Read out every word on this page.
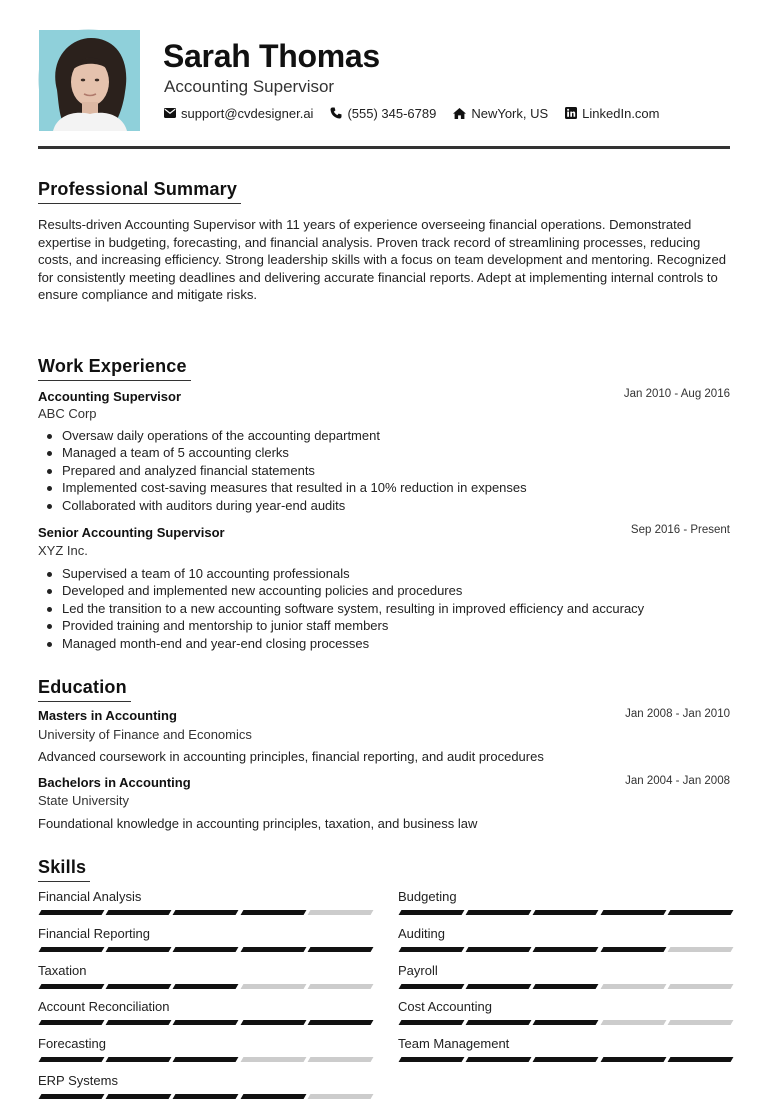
Sarah Thomas
Accounting Supervisor
support@cvdesigner.ai	(555) 345-6789	NewYork, US	LinkedIn.com
Professional Summary
Results-driven Accounting Supervisor with 11 years of experience overseeing financial operations. Demonstrated expertise in budgeting, forecasting, and financial analysis. Proven track record of streamlining processes, reducing costs, and increasing efficiency. Strong leadership skills with a focus on team development and mentoring. Recognized for consistently meeting deadlines and delivering accurate financial reports. Adept at implementing internal controls to ensure compliance and mitigate risks.
Work Experience
Accounting Supervisor	Jan 2010 - Aug 2016
ABC Corp
Oversaw daily operations of the accounting department
Managed a team of 5 accounting clerks
Prepared and analyzed financial statements
Implemented cost-saving measures that resulted in a 10% reduction in expenses
Collaborated with auditors during year-end audits
Senior Accounting Supervisor	Sep 2016 - Present
XYZ Inc.
Supervised a team of 10 accounting professionals
Developed and implemented new accounting policies and procedures
Led the transition to a new accounting software system, resulting in improved efficiency and accuracy
Provided training and mentorship to junior staff members
Managed month-end and year-end closing processes
Education
Masters in Accounting	Jan 2008 - Jan 2010
University of Finance and Economics
Advanced coursework in accounting principles, financial reporting, and audit procedures
Bachelors in Accounting	Jan 2004 - Jan 2008
State University
Foundational knowledge in accounting principles, taxation, and business law
Skills
Financial Analysis	Budgeting
Financial Reporting	Auditing
Taxation	Payroll
Account Reconciliation	Cost Accounting
Forecasting	Team Management
ERP Systems
